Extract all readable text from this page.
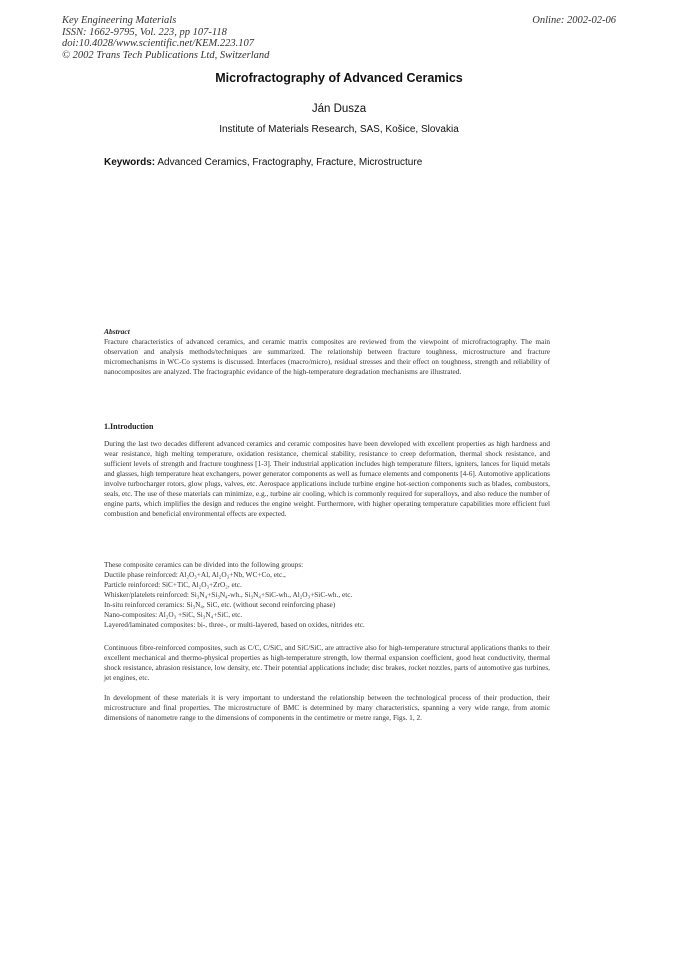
Key Engineering Materials
ISSN: 1662-9795, Vol. 223, pp 107-118
doi:10.4028/www.scientific.net/KEM.223.107
© 2002 Trans Tech Publications Ltd, Switzerland
Online: 2002-02-06
Microfractography of Advanced Ceramics
Ján Dusza
Institute of Materials Research, SAS, Košice, Slovakia
Keywords: Advanced Ceramics, Fractography, Fracture, Microstructure
Abstract
Fracture characteristics of advanced ceramics, and ceramic matrix composites are reviewed from the viewpoint of microfractography. The main observation and analysis methods/techniques are summarized. The relationship between fracture toughness, microstructure and fracture micromechanisms in WC-Co systems is discussed. Interfaces (macro/micro), residual stresses and their effect on toughness, strength and reliability of nanocomposites are analyzed. The fractographic evidance of the high-temperature degradation mechanisms are illustrated.
1.Introduction
During the last two decades different advanced ceramics and ceramic composites have been developed with excellent properties as high hardness and wear resistance, high melting temperature, oxidation resistance, chemical stability, resistance to creep deformation, thermal shock resistance, and sufficient levels of strength and fracture toughness [1-3]. Their industrial application includes high temperature filters, igniters, lances for liquid metals and glasses, high temperature heat exchangers, power generator components as well as furnace elements and components [4-6]. Automotive applications involve turbocharger rotors, glow plugs, valves, etc. Aerospace applications include turbine engine hot-section components such as blades, combustors, seals, etc. The use of these materials can minimize, e.g., turbine air cooling, which is commonly required for superalloys, and also reduce the number of engine parts, which implifies the design and reduces the engine weight. Furthermore, with higher operating temperature capabilities more efficient fuel combustion and beneficial environmental effects are expected.
These composite ceramics can be divided into the following groups:
Ductile phase reinforced: Al₂O₃+Al, Al₂O₃+Nb, WC+Co, etc.,
Particle reinforced: SiC+TiC, Al₂O₃+ZrO₂, etc.
Whisker/platelets reinforced: Si₃N₄+Si₃N₄-wh., Si₃N₄+SiC-wh., Al₂O₃+SiC-wh., etc.
In-situ reinforced ceramics: Si₃N₄, SiC, etc. (without second reinforcing phase)
Nano-composites: Al₂O₃ +SiC, Si₃N₄+SiC, etc.
Layered/laminated composites: bi-, three-, or multi-layered, based on oxides, nitrides etc.
Continuous fibre-reinforced composites, such as C/C, C/SiC, and SiC/SiC, are attractive also for high-temperature structural applications thanks to their excellent mechanical and thermo-physical properties as high-temperature strength, low thermal expansion coefficient, good heat conductivity, thermal shock resistance, abrasion resistance, low density, etc. Their potential applications include; disc brakes, rocket nozzles, parts of automotive gas turbines, jet engines, etc.
In development of these materials it is very important to understand the relationship between the technological process of their production, their microstructure and final properties. The microstructure of BMC is determined by many characteristics, spanning a very wide range, from atomic dimensions of nanometre range to the dimensions of components in the centimetre or metre range, Figs. 1, 2.
